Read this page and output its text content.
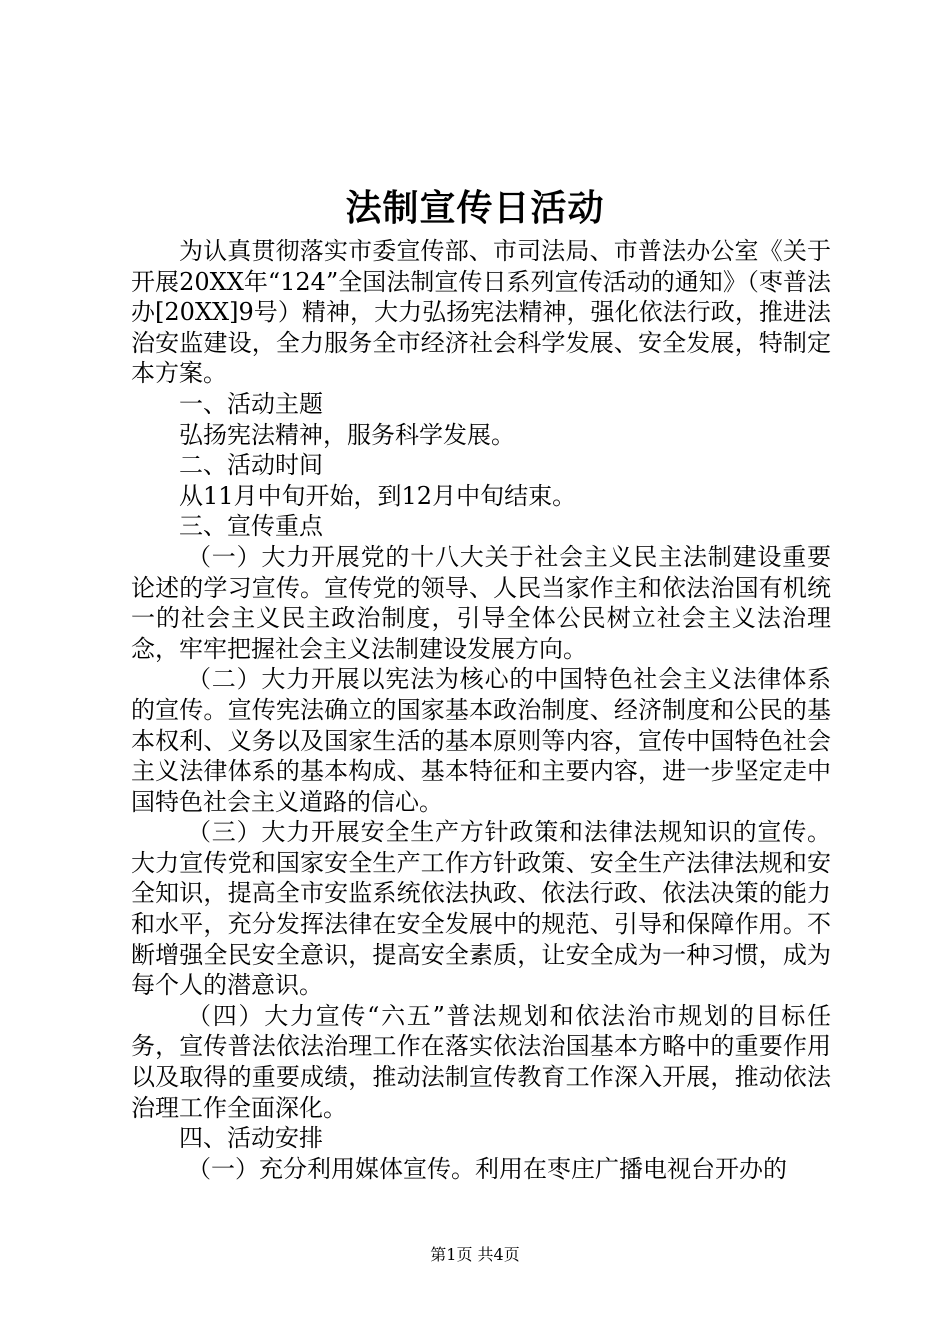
法制宣传日活动

为认真贯彻落实市委宣传部、市司法局、市普法办公室《关于开展20XX年“124”全国法制宣传日系列宣传活动的通知》（枣普法办[20XX]9号）精神，大力弘扬宪法精神，强化依法行政，推进法治安监建设，全力服务全市经济社会科学发展、安全发展，特制定本方案。

一、活动主题

弘扬宪法精神，服务科学发展。

二、活动时间

从11月中旬开始，到12月中旬结束。

三、宣传重点

（一）大力开展党的十八大关于社会主义民主法制建设重要论述的学习宣传。宣传党的领导、人民当家作主和依法治国有机统一的社会主义民主政治制度，引导全体公民树立社会主义法治理念，牢牢把握社会主义法制建设发展方向。

（二）大力开展以宪法为核心的中国特色社会主义法律体系的宣传。宣传宪法确立的国家基本政治制度、经济制度和公民的基本权利、义务以及国家生活的基本原则等内容，宣传中国特色社会主义法律体系的基本构成、基本特征和主要内容，进一步坚定走中国特色社会主义道路的信心。

（三）大力开展安全生产方针政策和法律法规知识的宣传。大力宣传党和国家安全生产工作方针政策、安全生产法律法规和安全知识，提高全市安监系统依法执政、依法行政、依法决策的能力和水平，充分发挥法律在安全发展中的规范、引导和保障作用。不断增强全民安全意识，提高安全素质，让安全成为一种习惯，成为每个人的潜意识。

（四）大力宣传“六五”普法规划和依法治市规划的目标任务，宣传普法依法治理工作在落实依法治国基本方略中的重要作用以及取得的重要成绩，推动法制宣传教育工作深入开展，推动依法治理工作全面深化。

四、活动安排

（一）充分利用媒体宣传。利用在枣庄广播电视台开办的

第1页 共4页
